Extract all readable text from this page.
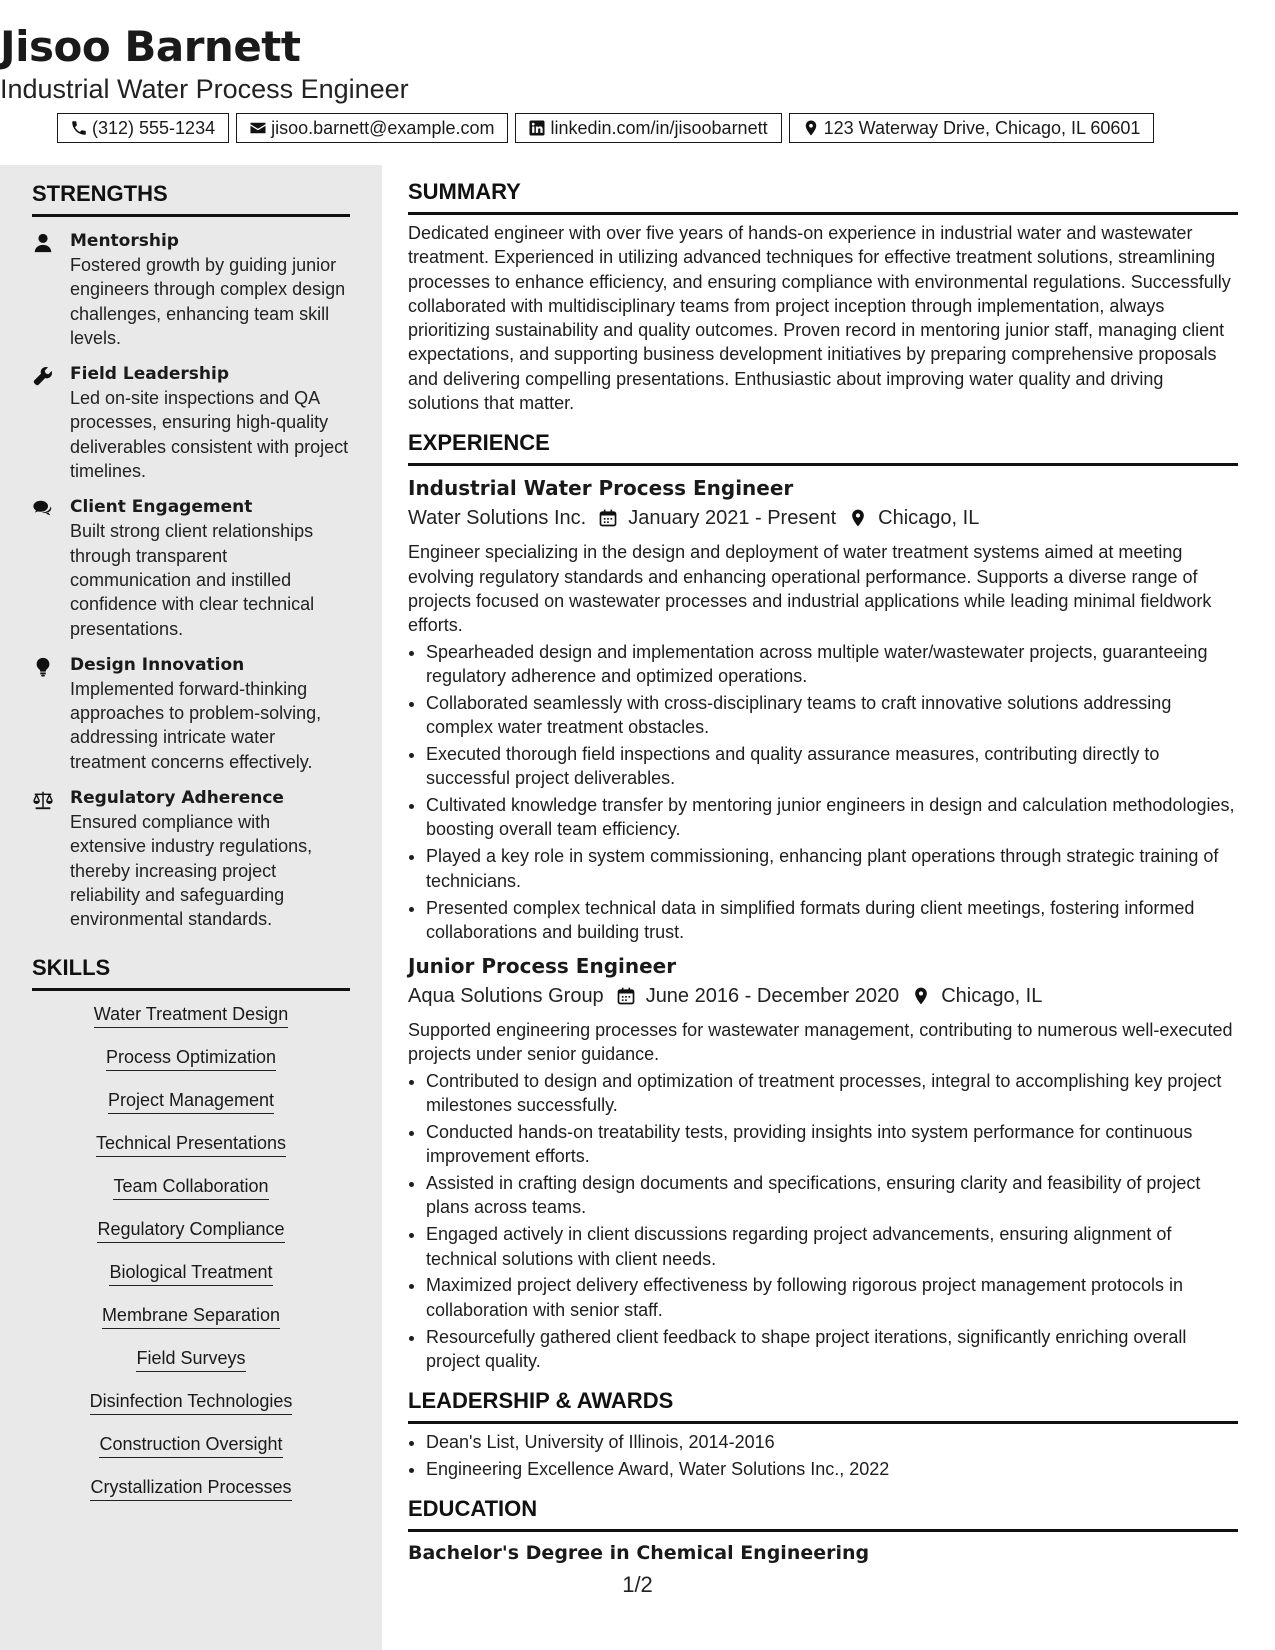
Jisoo Barnett
Industrial Water Process Engineer
(312) 555-1234	jisoo.barnett@example.com	linkedin.com/in/jisoobarnett	123 Waterway Drive, Chicago, IL 60601
STRENGTHS
Mentorship
Fostered growth by guiding junior engineers through complex design challenges, enhancing team skill levels.
Field Leadership
Led on-site inspections and QA processes, ensuring high-quality deliverables consistent with project timelines.
Client Engagement
Built strong client relationships through transparent communication and instilled confidence with clear technical presentations.
Design Innovation
Implemented forward-thinking approaches to problem-solving, addressing intricate water treatment concerns effectively.
Regulatory Adherence
Ensured compliance with extensive industry regulations, thereby increasing project reliability and safeguarding environmental standards.
SKILLS
Water Treatment Design
Process Optimization
Project Management
Technical Presentations
Team Collaboration
Regulatory Compliance
Biological Treatment
Membrane Separation
Field Surveys
Disinfection Technologies
Construction Oversight
Crystallization Processes
SUMMARY

Dedicated engineer with over five years of hands-on experience in industrial water and wastewater treatment. Experienced in utilizing advanced techniques for effective treatment solutions, streamlining processes to enhance efficiency, and ensuring compliance with environmental regulations. Successfully collaborated with multidisciplinary teams from project inception through implementation, always prioritizing sustainability and quality outcomes. Proven record in mentoring junior staff, managing client expectations, and supporting business development initiatives by preparing comprehensive proposals and delivering compelling presentations. Enthusiastic about improving water quality and driving solutions that matter.

EXPERIENCE
Industrial Water Process Engineer
Water Solutions Inc. January 2021 - Present Chicago, IL

Engineer specializing in the design and deployment of water treatment systems aimed at meeting evolving regulatory standards and enhancing operational performance. Supports a diverse range of projects focused on wastewater processes and industrial applications while leading minimal fieldwork efforts.

• Spearheaded design and implementation across multiple water/wastewater projects, guaranteeing regulatory adherence and optimized operations.
• Collaborated seamlessly with cross-disciplinary teams to craft innovative solutions addressing complex water treatment obstacles.
• Executed thorough field inspections and quality assurance measures, contributing directly to successful project deliverables.
• Cultivated knowledge transfer by mentoring junior engineers in design and calculation methodologies, boosting overall team efficiency.
• Played a key role in system commissioning, enhancing plant operations through strategic training of technicians.
• Presented complex technical data in simplified formats during client meetings, fostering informed collaborations and building trust.
Junior Process Engineer
Aqua Solutions Group June 2016 - December 2020 Chicago, IL

Supported engineering processes for wastewater management, contributing to numerous well-executed projects under senior guidance.

• Contributed to design and optimization of treatment processes, integral to accomplishing key project milestones successfully.
• Conducted hands-on treatability tests, providing insights into system performance for continuous improvement efforts.
• Assisted in crafting design documents and specifications, ensuring clarity and feasibility of project plans across teams.
• Engaged actively in client discussions regarding project advancements, ensuring alignment of technical solutions with client needs.
• Maximized project delivery effectiveness by following rigorous project management protocols in collaboration with senior staff.
• Resourcefully gathered client feedback to shape project iterations, significantly enriching overall project quality.
LEADERSHIP & AWARDS
• Dean's List, University of Illinois, 2014-2016
• Engineering Excellence Award, Water Solutions Inc., 2022
EDUCATION
Bachelor's Degree in Chemical Engineering
1/2
